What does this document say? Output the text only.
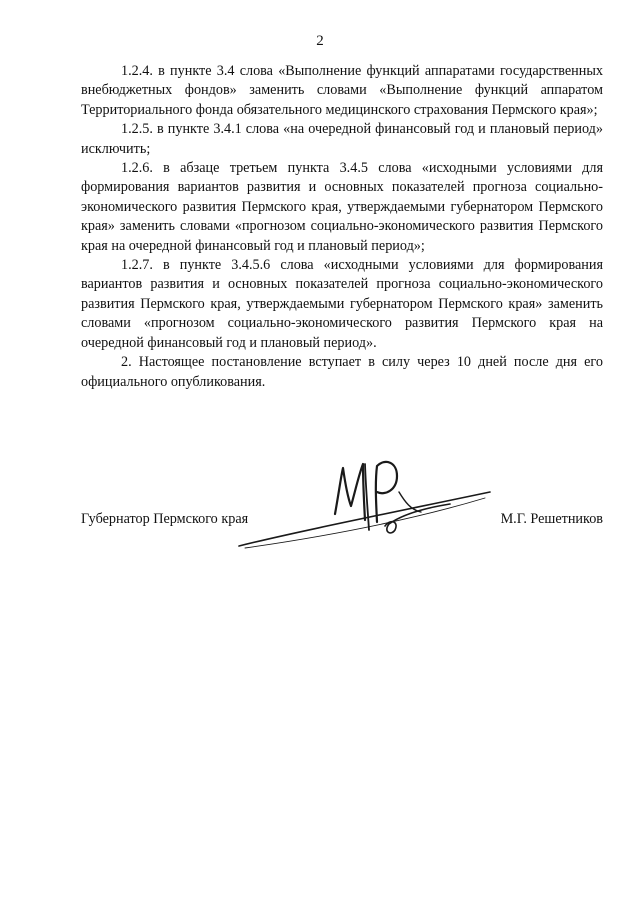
2

1.2.4. в пункте 3.4 слова «Выполнение функций аппаратами государственных внебюджетных фондов» заменить словами «Выполнение функций аппаратом Территориального фонда обязательного медицинского страхования Пермского края»;

1.2.5. в пункте 3.4.1 слова «на очередной финансовый год и плановый период» исключить;

1.2.6. в абзаце третьем пункта 3.4.5 слова «исходными условиями для формирования вариантов развития и основных показателей прогноза социально-экономического развития Пермского края, утверждаемыми губернатором Пермского края» заменить словами «прогнозом социально-экономического развития Пермского края на очередной финансовый год и плановый период»;

1.2.7. в пункте 3.4.5.6 слова «исходными условиями для формирования вариантов развития и основных показателей прогноза социально-экономического развития Пермского края, утверждаемыми губернатором Пермского края» заменить словами «прогнозом социально-экономического развития Пермского края на очередной финансовый год и плановый период».

2. Настоящее постановление вступает в силу через 10 дней после дня его официального опубликования.

Губернатор Пермского края	М.Г. Решетников
